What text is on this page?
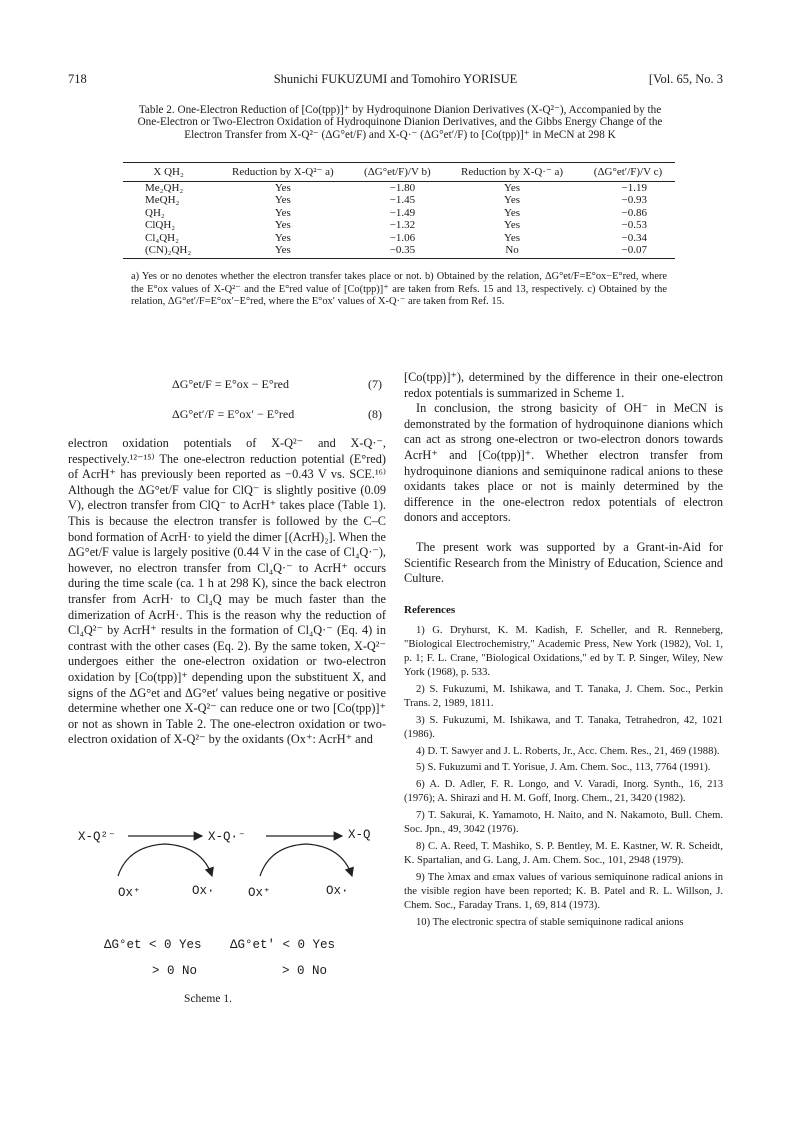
718	Shunichi FUKUZUMI and Tomohiro YORISUE	[Vol. 65, No. 3
Table 2. One-Electron Reduction of [Co(tpp)]⁺ by Hydroquinone Dianion Derivatives (X-Q²⁻), Accompanied by the One-Electron or Two-Electron Oxidation of Hydroquinone Dianion Derivatives, and the Gibbs Energy Change of the Electron Transfer from X-Q²⁻ (ΔG°et/F) and X-Q·⁻ (ΔG°et′/F) to [Co(tpp)]⁺ in MeCN at 298 K
X QH₂	Reduction by X-Q²⁻ a)	(ΔG°et/F)/V b)	Reduction by X-Q·⁻ a)	(ΔG°et′/F)/V c)
Me₂QH₂	Yes	−1.80	Yes	−1.19
MeQH₂	Yes	−1.45	Yes	−0.93
QH₂	Yes	−1.49	Yes	−0.86
ClQH₂	Yes	−1.32	Yes	−0.53
Cl₄QH₂	Yes	−1.06	Yes	−0.34
(CN)₂QH₂	Yes	−0.35	No	−0.07
a) Yes or no denotes whether the electron transfer takes place or not. b) Obtained by the relation, ΔG°et/F=E°ox−E°red, where the E°ox values of X-Q²⁻ and the E°red value of [Co(tpp)]⁺ are taken from Refs. 15 and 13, respectively. c) Obtained by the relation, ΔG°et′/F=E°ox′−E°red, where the E°ox′ values of X-Q·⁻ are taken from Ref. 15.
ΔG°et/F = E°ox − E°red	(7)
ΔG°et′/F = E°ox′ − E°red	(8)

electron oxidation potentials of X-Q²⁻ and X-Q·⁻, respectively.¹²⁻¹⁵⁾ The one-electron reduction potential (E°red) of AcrH⁺ has previously been reported as −0.43 V vs. SCE.¹⁶⁾ Although the ΔG°et/F value for ClQ⁻ is slightly positive (0.09 V), electron transfer from ClQ⁻ to AcrH⁺ takes place (Table 1). This is because the electron transfer is followed by the C–C bond formation of AcrH· to yield the dimer [(AcrH)₂]. When the ΔG°et/F value is largely positive (0.44 V in the case of Cl₄Q·⁻), however, no electron transfer from Cl₄Q·⁻ to AcrH⁺ occurs during the time scale (ca. 1 h at 298 K), since the back electron transfer from AcrH· to Cl₄Q may be much faster than the dimerization of AcrH·. This is the reason why the reduction of Cl₄Q²⁻ by AcrH⁺ results in the formation of Cl₄Q·⁻ (Eq. 4) in contrast with the other cases (Eq. 2). By the same token, X-Q²⁻ undergoes either the one-electron oxidation or two-electron oxidation by [Co(tpp)]⁺ depending upon the substituent X, and signs of the ΔG°et and ΔG°et′ values being negative or positive determine whether one X-Q²⁻ can reduce one or two [Co(tpp)]⁺ or not as shown in Table 2. The one-electron oxidation or two-electron oxidation of X-Q²⁻ by the oxidants (Ox⁺: AcrH⁺ and

[Co(tpp)]⁺), determined by the difference in their one-electron redox potentials is summarized in Scheme 1.

In conclusion, the strong basicity of OH⁻ in MeCN is demonstrated by the formation of hydroquinone dianions which can act as strong one-electron or two-electron donors towards AcrH⁺ and [Co(tpp)]⁺. Whether electron transfer from hydroquinone dianions and semiquinone radical anions to these oxidants takes place or not is mainly determined by the difference in the one-electron redox potentials of electron donors and acceptors.

The present work was supported by a Grant-in-Aid for Scientific Research from the Ministry of Education, Science and Culture.

References

1) G. Dryhurst, K. M. Kadish, F. Scheller, and R. Renneberg, "Biological Electrochemistry," Academic Press, New York (1982), Vol. 1, p. 1; F. L. Crane, "Biological Oxidations," ed by T. P. Singer, Wiley, New York (1968), p. 533.

2) S. Fukuzumi, M. Ishikawa, and T. Tanaka, J. Chem. Soc., Perkin Trans. 2, 1989, 1811.

3) S. Fukuzumi, M. Ishikawa, and T. Tanaka, Tetrahedron, 42, 1021 (1986).

4) D. T. Sawyer and J. L. Roberts, Jr., Acc. Chem. Res., 21, 469 (1988).

5) S. Fukuzumi and T. Yorisue, J. Am. Chem. Soc., 113, 7764 (1991).

6) A. D. Adler, F. R. Longo, and V. Varadi, Inorg. Synth., 16, 213 (1976); A. Shirazi and H. M. Goff, Inorg. Chem., 21, 3420 (1982).

7) T. Sakurai, K. Yamamoto, H. Naito, and N. Nakamoto, Bull. Chem. Soc. Jpn., 49, 3042 (1976).

8) C. A. Reed, T. Mashiko, S. P. Bentley, M. E. Kastner, W. R. Scheidt, K. Spartalian, and G. Lang, J. Am. Chem. Soc., 101, 2948 (1979).

9) The λmax and εmax values of various semiquinone radical anions in the visible region have been reported; K. B. Patel and R. L. Willson, J. Chem. Soc., Faraday Trans. 1, 69, 814 (1973).

10) The electronic spectra of stable semiquinone radical anions

X-Q²⁻	X-Q·⁻	X-Q
Ox⁺	Ox·	Ox⁺	Ox·
ΔG°et < 0 Yes
> 0 No
ΔG°et′ < 0 Yes
> 0 No
Scheme 1.
